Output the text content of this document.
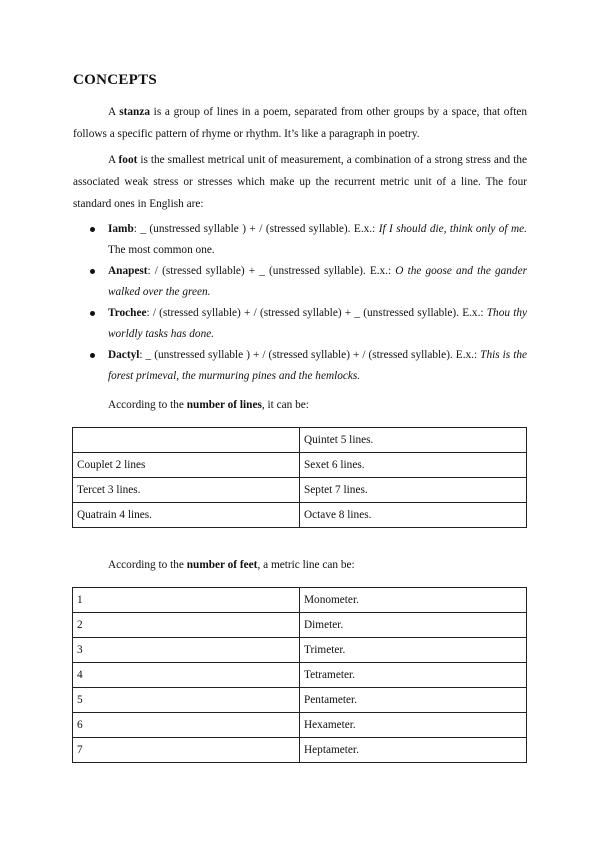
CONCEPTS

A stanza is a group of lines in a poem, separated from other groups by a space, that often follows a specific pattern of rhyme or rhythm. It’s like a paragraph in poetry.

A foot is the smallest metrical unit of measurement, a combination of a strong stress and the associated weak stress or stresses which make up the recurrent metric unit of a line. The four standard ones in English are:

Iamb: _ (unstressed syllable ) + / (stressed syllable). E.x.: If I should die, think only of me. The most common one.
Anapest: / (stressed syllable) + _ (unstressed syllable). E.x.: O the goose and the gander walked over the green.
Trochee: / (stressed syllable) + / (stressed syllable) + _ (unstressed syllable). E.x.: Thou thy worldly tasks has done.
Dactyl: _ (unstressed syllable ) + / (stressed syllable) + / (stressed syllable). E.x.: This is the forest primeval, the murmuring pines and the hemlocks.

According to the number of lines, it can be:

	Quintet 5 lines.
Couplet 2 lines	Sexet 6 lines.
Tercet 3 lines.	Septet 7 lines.
Quatrain 4 lines.	Octave 8 lines.

According to the number of feet, a metric line can be:

1	Monometer.
2	Dimeter.
3	Trimeter.
4	Tetrameter.
5	Pentameter.
6	Hexameter.
7	Heptameter.
